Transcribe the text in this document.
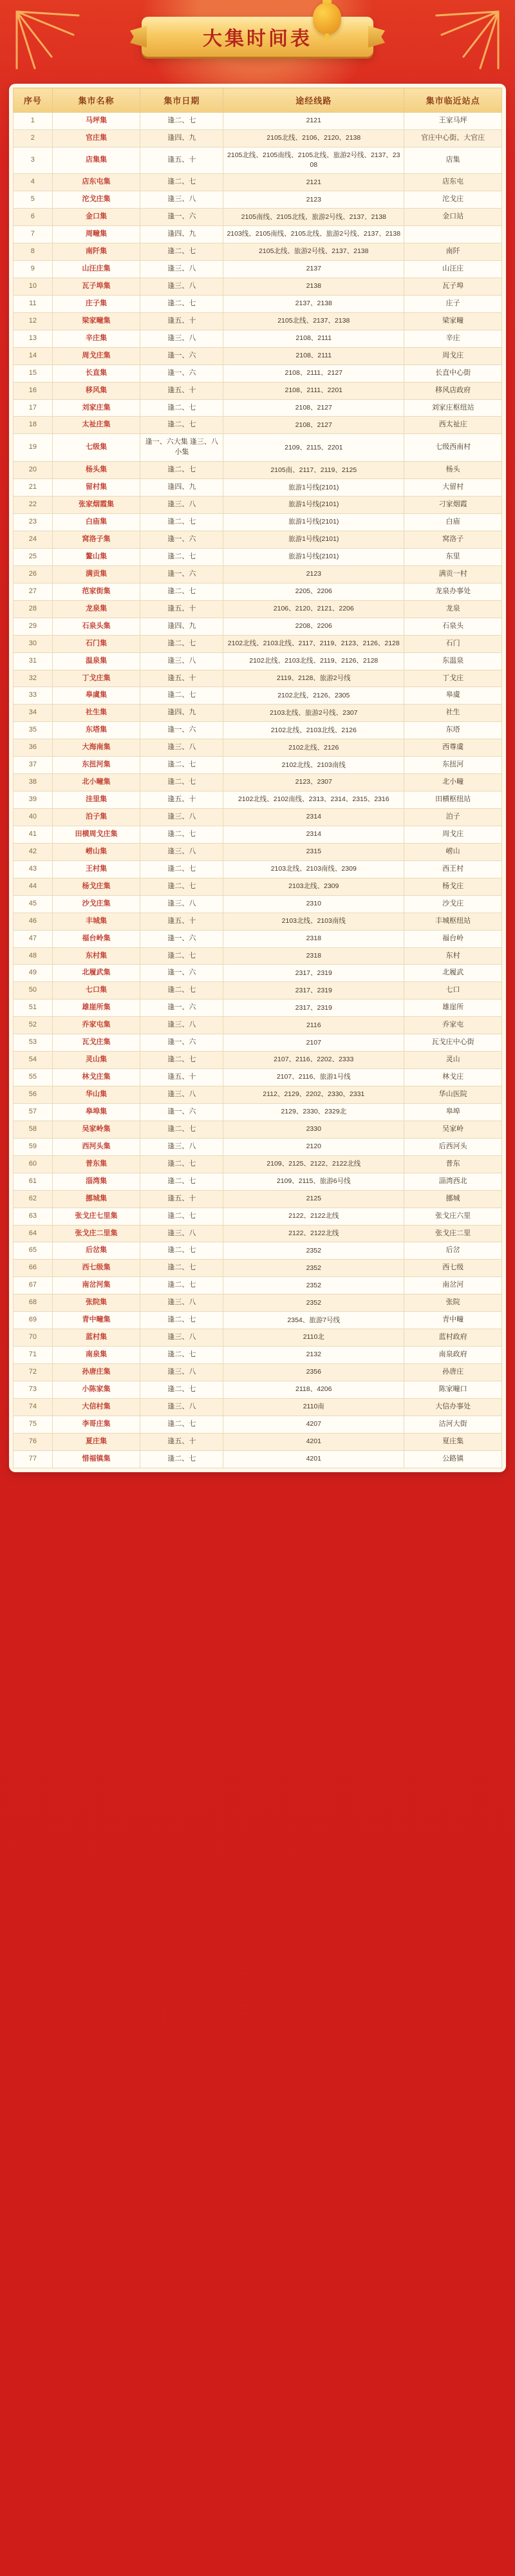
大集时间表
序号	集市名称	集市日期	途经线路	集市临近站点
1	马坪集	逢二、七	2121	王家马坪
2	官庄集	逢四、九	2105北线、2106、2120、2138	官庄中心街、大官庄
3	店集集	逢五、十	2105北线、2105南线、2105北线、旅游2号线、2137、2308	店集
4	店东屯集	逢二、七	2121	店东屯
5	沱戈庄集	逢三、八	2123	沱戈庄
6	金口集	逢一、六	2105南线、2105北线、旅游2号线、2137、2138	金口站
7	周疃集	逢四、九	2103线、2105南线、2105北线、旅游2号线、2137、2138	
8	南阡集	逢二、七	2105北线、旅游2号线、2137、2138	南阡
9	山汪庄集	逢三、八	2137	山汪庄
10	瓦子埠集	逢三、八	2138	瓦子埠
11	庄子集	逢二、七	2137、2138	庄子
12	梁家疃集	逢五、十	2105北线、2137、2138	梁家疃
13	辛庄集	逢三、八	2108、2111	辛庄
14	周戈庄集	逢一、六	2108、2111	周戈庄
15	长直集	逢一、六	2108、2111、2127	长直中心街
16	移风集	逢五、十	2108、2111、2201	移风店政府
17	刘家庄集	逢二、七	2108、2127	刘家庄枢纽站
18	太祉庄集	逢二、七	2108、2127	西太祉庄
19	七级集	逢一、六大集 逢三、八小集	2109、2115、2201	七级西南村
20	杨头集	逢二、七	2105南、2117、2119、2125	杨头
21	留村集	逢四、九	旅游1号线(2101)	大留村
22	张家烟霞集	逢三、八	旅游1号线(2101)	刁家烟霞
23	白庙集	逢二、七	旅游1号线(2101)	白庙
24	窝洛子集	逢一、六	旅游1号线(2101)	窝洛子
25	鳌山集	逢二、七	旅游1号线(2101)	东里
26	满贡集	逢一、六	2123	满贡一村
27	范家街集	逢二、七	2205、2206	龙泉办事处
28	龙泉集	逢五、十	2106、2120、2121、2206	龙泉
29	石泉头集	逢四、九	2208、2206	石泉头
30	石门集	逢二、七	2102北线、2103北线、2117、2119、2123、2126、2128	石门
31	温泉集	逢三、八	2102北线、2103北线、2119、2126、2128	东温泉
32	丁戈庄集	逢五、十	2119、2128、旅游2号线	丁戈庄
33	皋虞集	逢二、七	2102北线、2126、2305	皋虞
34	社生集	逢四、九	2103北线、旅游2号线、2307	社生
35	东塔集	逢一、六	2102北线、2103北线、2126	东塔
36	大海南集	逢三、八	2102北线、2126	西尊虞
37	东扭河集	逢二、七	2102北线、2103南线	东扭河
38	北小疃集	逢二、七	2123、2307	北小疃
39	洼里集	逢五、十	2102北线、2102南线、2313、2314、2315、2316	田横枢纽站
40	泊子集	逢三、八	2314	泊子
41	田横周戈庄集	逢二、七	2314	周戈庄
42	崂山集	逢三、八	2315	崂山
43	王村集	逢二、七	2103北线、2103南线、2309	西王村
44	杨戈庄集	逢二、七	2103北线、2309	杨戈庄
45	沙戈庄集	逢三、八	2310	沙戈庄
46	丰城集	逢五、十	2103北线、2103南线	丰城枢纽站
47	福台岭集	逢一、六	2318	福台岭
48	东村集	逢二、七	2318	东村
49	北履武集	逢一、六	2317、2319	北履武
50	七口集	逢二、七	2317、2319	七口
51	雄崖所集	逢一、六	2317、2319	雄崖所
52	乔家屯集	逢三、八	2116	乔家屯
53	瓦戈庄集	逢一、六	2107	瓦戈庄中心街
54	灵山集	逢二、七	2107、2116、2202、2333	灵山
55	林戈庄集	逢五、十	2107、2116、旅游1号线	林戈庄
56	华山集	逢三、八	2112、2129、2202、2330、2331	华山医院
57	皋埠集	逢一、六	2129、2330、2329北	皋埠
58	吴家岭集	逢二、七	2330	吴家岭
59	西河头集	逢三、八	2120	后西河头
60	普东集	逢二、七	2109、2125、2122、2122北线	普东
61	淄湾集	逢二、七	2109、2115、旅游6号线	淄湾西北
62	挪城集	逢五、十	2125	挪城
63	张戈庄七里集	逢二、七	2122、2122北线	张戈庄六里
64	张戈庄二里集	逢三、八	2122、2122北线	张戈庄二里
65	后岔集	逢二、七	2352	后岔
66	西七级集	逢二、七	2352	西七级
67	南岔河集	逢二、七	2352	南岔河
68	张院集	逢三、八	2352	张院
69	青中疃集	逢二、七	2354、旅游7号线	青中疃
70	蓝村集	逢三、八	2110北	蓝村政府
71	南泉集	逢二、七	2132	南泉政府
72	孙唐庄集	逢三、八	2356	孙唐庄
73	小陈家集	逢二、七	2118、4206	陈家疃口
74	大信村集	逢三、八	2110南	大信办事处
75	李哥庄集	逢二、七	4207	沽河大街
76	夏庄集	逢五、十	4201	夏庄集
77	惜福镇集	逢二、七	4201	公路镇
